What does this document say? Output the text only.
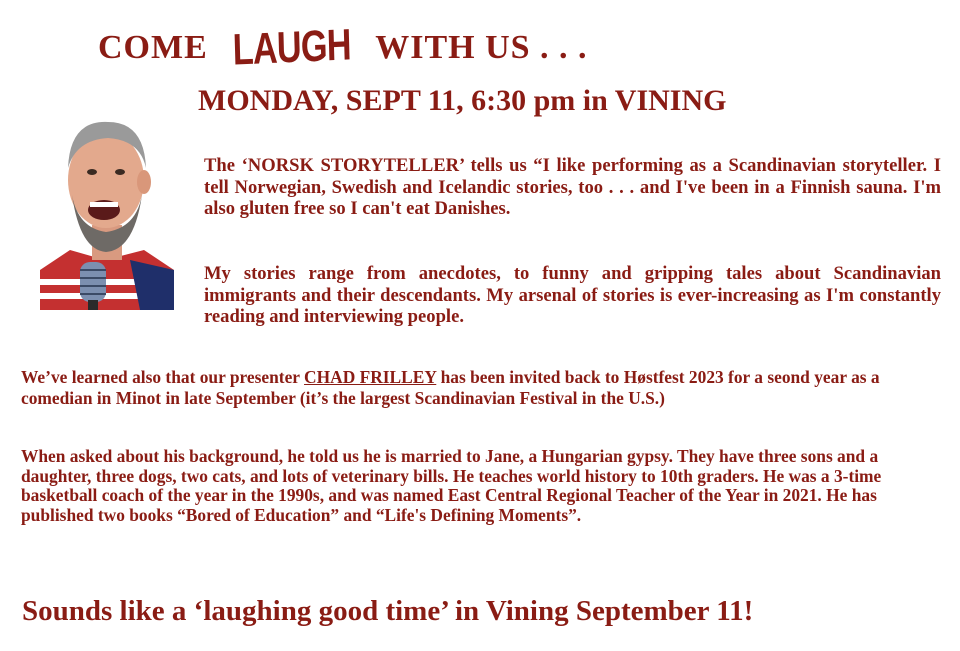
COME LAUGH WITH US . . .
MONDAY, SEPT 11, 6:30 pm in VINING

The ‘NORSK STORYTELLER’ tells us “I like performing as a Scandinavian storyteller. I tell Norwegian, Swedish and Icelandic stories, too . . . and I've been in a Finnish sauna. I'm also gluten free so I can't eat Danishes.

My stories range from anecdotes, to funny and gripping tales about Scandinavian immigrants and their descendants. My arsenal of stories is ever-increasing as I'm constantly reading and interviewing people.

We’ve learned also that our presenter CHAD FRILLEY has been invited back to Høstfest 2023 for a seond year as a comedian in Minot in late September (it’s the largest Scandinavian Festival in the U.S.)

When asked about his background, he told us he is married to Jane, a Hungarian gypsy. They have three sons and a daughter, three dogs, two cats, and lots of veterinary bills. He teaches world history to 10th graders. He was a 3-time basketball coach of the year in the 1990s, and was named East Central Regional Teacher of the Year in 2021. He has published two books “Bored of Education” and “Life's Defining Moments”.

Sounds like a ‘laughing good time’ in Vining September 11!
